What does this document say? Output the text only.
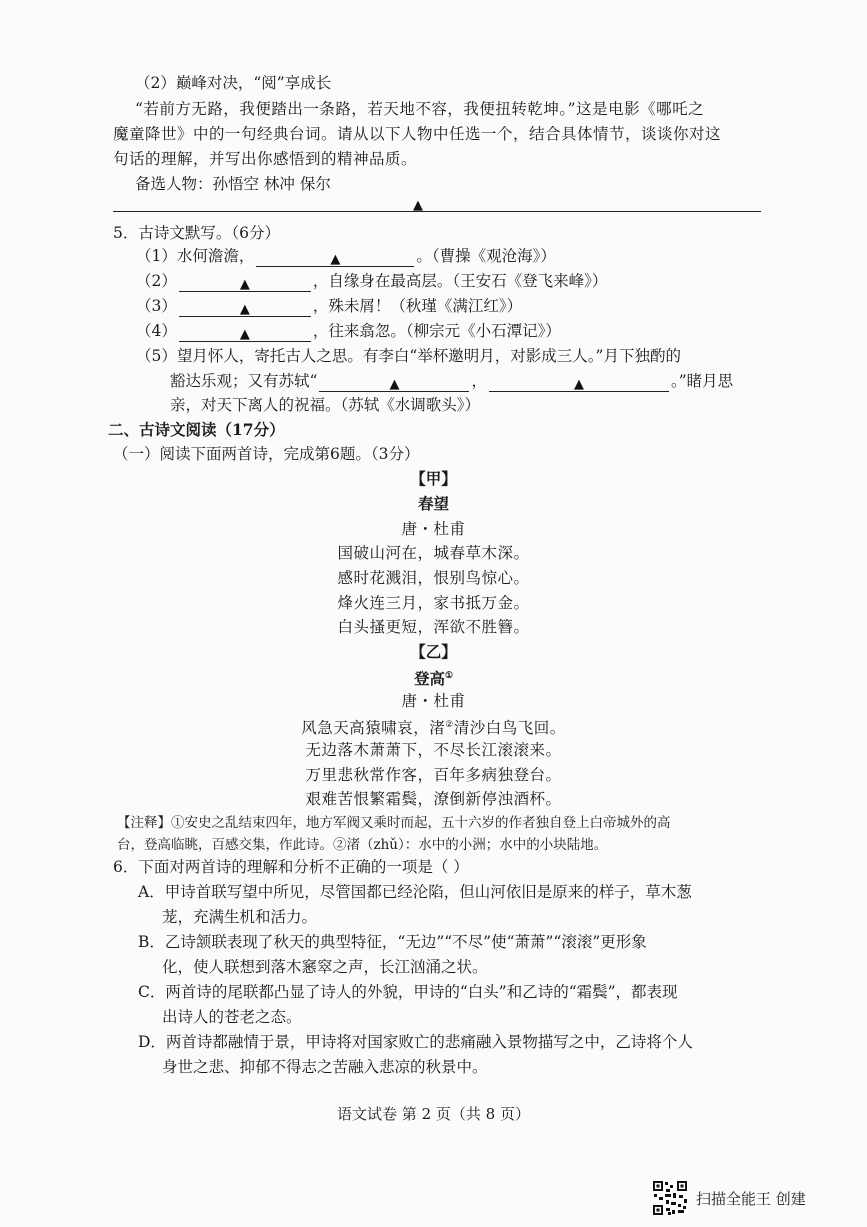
（2）巅峰对决，“阅”享成长
“若前方无路，我便踏出一条路，若天地不容，我便扭转乾坤。”这是电影《哪吒之
魔童降世》中的一句经典台词。请从以下人物中任选一个，结合具体情节，谈谈你对这
句话的理解，并写出你感悟到的精神品质。
备选人物：孙悟空 林冲 保尔
▲
5．古诗文默写。（6分）
（1）水何澹澹，	▲	。（曹操《观沧海》）
（2）	▲	，自缘身在最高层。（王安石《登飞来峰》）
（3）	▲	，殊未屑！（秋瑾《满江红》）
（4）	▲	，往来翕忽。（柳宗元《小石潭记》）
（5）望月怀人，寄托古人之思。有李白“举杯邀明月，对影成三人。”月下独酌的
豁达乐观；又有苏轼“	▲	，	▲	。”睹月思
亲，对天下离人的祝福。（苏轼《水调歌头》）
二、古诗文阅读（17分）
（一）阅读下面两首诗，完成第6题。（3分）
【甲】
春望
唐・杜甫
国破山河在，城春草木深。
感时花溅泪，恨别鸟惊心。
烽火连三月，家书抵万金。
白头搔更短，浑欲不胜簪。
【乙】
登高①
唐・杜甫
风急天高猿啸哀，渚②清沙白鸟飞回。
无边落木萧萧下，不尽长江滚滚来。
万里悲秋常作客，百年多病独登台。
艰难苦恨繁霜鬓，潦倒新停浊酒杯。
【注释】①安史之乱结束四年，地方军阀又乘时而起，五十六岁的作者独自登上白帝城外的高
台，登高临眺，百感交集，作此诗。②渚（zhǔ）：水中的小洲；水中的小块陆地。
6．下面对两首诗的理解和分析不正确的一项是（ ）
A．甲诗首联写望中所见，尽管国都已经沦陷，但山河依旧是原来的样子，草木葱
茏，充满生机和活力。
B．乙诗颔联表现了秋天的典型特征，“无边”“不尽”使“萧萧”“滚滚”更形象
化，使人联想到落木窸窣之声，长江汹涌之状。
C．两首诗的尾联都凸显了诗人的外貌，甲诗的“白头”和乙诗的“霜鬓”，都表现
出诗人的苍老之态。
D．两首诗都融情于景，甲诗将对国家败亡的悲痛融入景物描写之中，乙诗将个人
身世之悲、抑郁不得志之苦融入悲凉的秋景中。
语文试卷 第 2 页（共 8 页）
扫描全能王 创建
